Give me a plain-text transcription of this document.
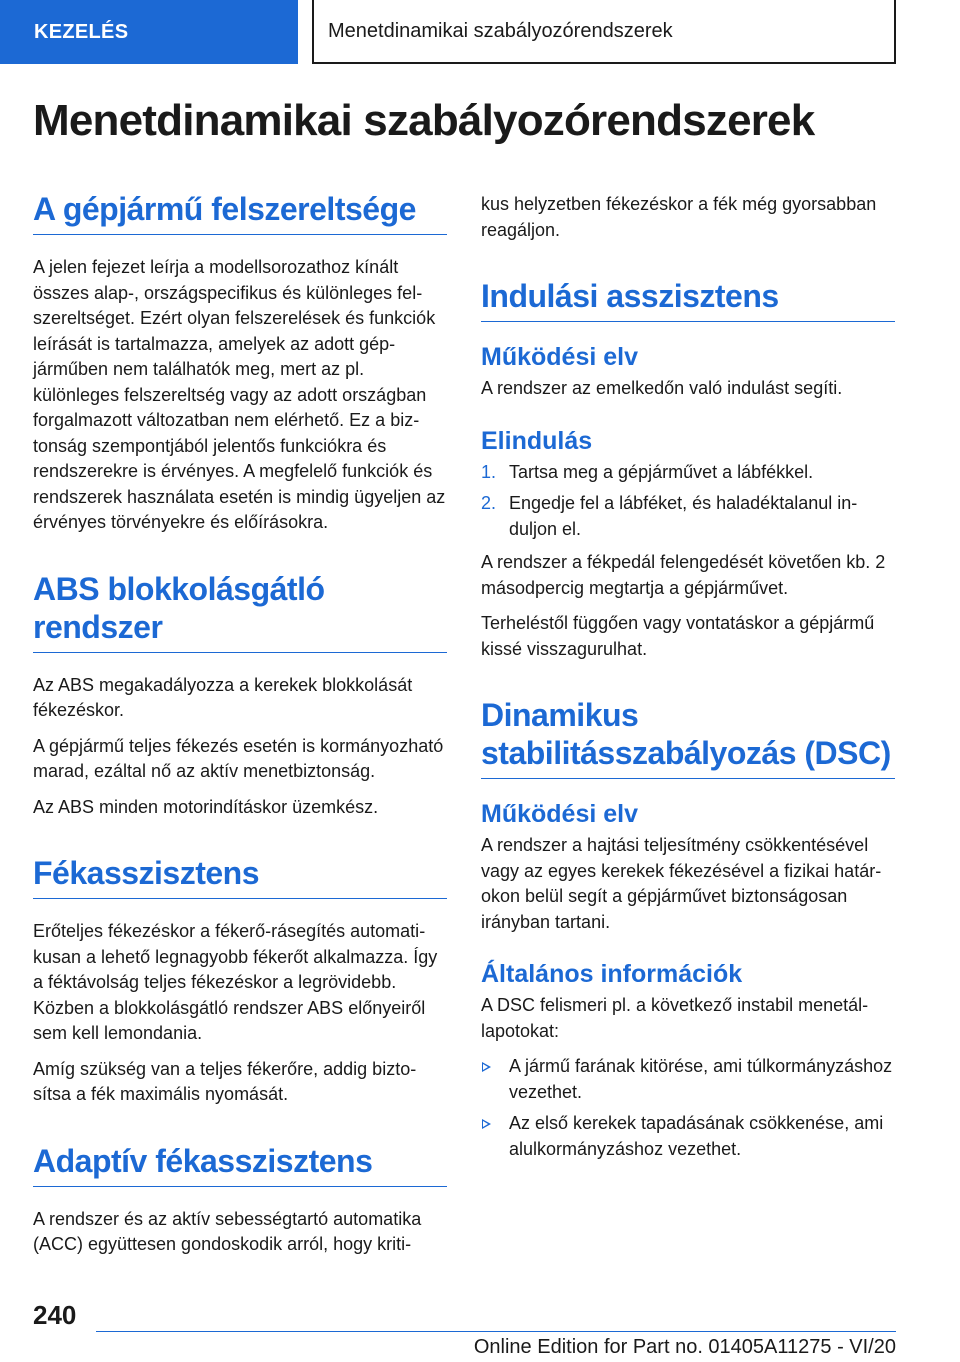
KEZELÉS	Menetdinamikai szabályozórendszerek
Menetdinamikai szabályozórendszerek
A gépjármű felszereltsége

A jelen fejezet leírja a modellsorozathoz kínált összes alap-, országspecifikus és különleges felszereltséget. Ezért olyan felszerelések és funkciók leírását is tartalmazza, amelyek az adott gépjárműben nem találhatók meg, mert az pl. különleges felszereltség vagy az adott országban forgalmazott változatban nem elérhető. Ez a biztonság szempontjából jelentős funkciókra és rendszerekre is érvényes. A megfelelő funkciók és rendszerek használata esetén is mindig ügyeljen az érvényes törvényekre és előírásokra.

ABS blokkolásgátló rendszer

Az ABS megakadályozza a kerekek blokkolását fékezéskor.

A gépjármű teljes fékezés esetén is kormányozható marad, ezáltal nő az aktív menetbiztonság.

Az ABS minden motorindításkor üzemkész.

Fékasszisztens

Erőteljes fékezéskor a fékerő-rásegítés automatikusan a lehető legnagyobb fékerőt alkalmazza. Így a féktávolság teljes fékezéskor a legrövidebb. Közben a blokkolásgátló rendszer ABS előnyeiről sem kell lemondania.

Amíg szükség van a teljes fékerőre, addig biztosítsa a fék maximális nyomását.

Adaptív fékasszisztens

A rendszer és az aktív sebességtartó automatika (ACC) együttesen gondoskodik arról, hogy kriti-

kus helyzetben fékezéskor a fék még gyorsabban reagáljon.

Indulási asszisztens
Működési elv

A rendszer az emelkedőn való indulást segíti.

Elindulás
1. Tartsa meg a gépjárművet a lábfékkel.
2. Engedje fel a lábféket, és haladéktalanul induljon el.

A rendszer a fékpedál felengedését követően kb. 2 másodpercig megtartja a gépjárművet.

Terheléstől függően vagy vontatáskor a gépjármű kissé visszagurulhat.

Dinamikus stabilitásszabályozás (DSC)
Működési elv

A rendszer a hajtási teljesítmény csökkentésével vagy az egyes kerekek fékezésével a fizikai határokon belül segít a gépjárművet biztonságosan irányban tartani.

Általános információk

A DSC felismeri pl. a következő instabil menetállapotokat:

A jármű farának kitörése, ami túlkormányzáshoz vezethet.
Az első kerekek tapadásának csökkenése, ami alulkormányzáshoz vezethet.
240
Online Edition for Part no. 01405A11275 - VI/20
